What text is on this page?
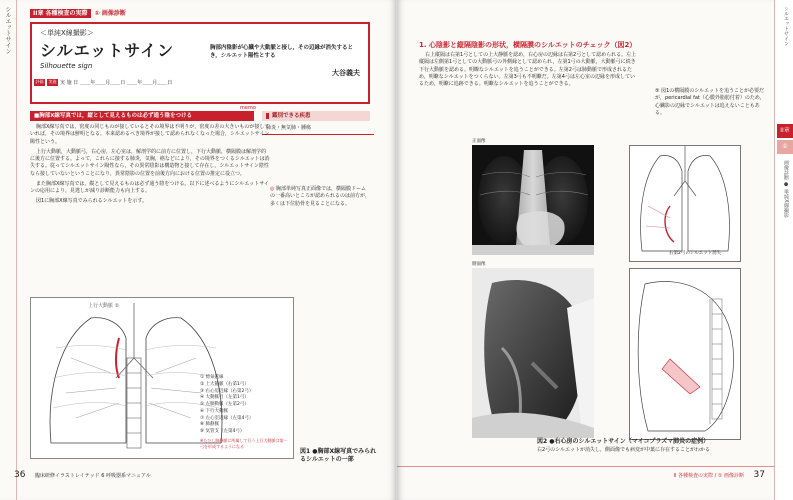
シルエットサイン	II章 各種検査の実際 ① 画像診断
＜単純X線撮影＞
シルエットサイン
Silhouette sign
評価	実施 実 施 日 ＿＿年＿＿月＿＿日 ＿＿年＿＿月＿＿日
胸部内陰影が心臓や大動脈と接し，その辺縁が消失するとき，シルエット陽性とする
大谷義夫
memo
■胸部X線写真では，縦として見えるものは必ず通う陰をつける	鑑別できる疾患
肺炎・無気肺・腫瘍

胸部X線写真では，密度の同じものが接しているとその境界は不明りが，密度の差の大きいものが接していれば，その境界は鮮明となる。本来認めるべき境界が接して認められなくなった場合，シルエットサイン陽性という。

上行大動脈，大動脈弓，右心房，左心室は，解剖学的に前方に位置し，下行大動脈，横隔膜は解剖学的に後方に位置する。よって，これらに接する肺炎，気胸，癌などにより，その境界をつくるシルエットは消失する。従ってシルエットサイン陽性なら，その異常陰影は構造物と接して存在し，シルエットサイン陰性なら接していないということになり，異常陰影の位置を前後方向における位置の推定に役立つ。

また胸部X線写真では，縦として見えるものは必ず通う陰をつける。以下に述べるようにシルエットサインの応用により，見逃しが減り診断能力も向上する。

図1に胸部X線写真でみられるシルエットを示す。

◎ 胸部単純写真正面像では，横隔膜ドームの一番高いところが認められるのは前方が，多くは下位肋骨を見ることになる。
上行大動脈 ②
① 傍気管線
② 上大静脈（右第1弓）
③ 右心房辺縁（右第2弓）
④ 大動脈弓（左第1弓）
⑤ 左肺動脈（左第2弓）
⑥ 下行大動脈
⑦ 左心室辺縁（左第4弓）
⑧ 肺静脈
⑨ 気管支（左第4弓）
※ただし肺静脈に所属して行う上行大動脈は第一弓を形成するようになる
図1 ●胸部X線写真でみられるシルエットの一部
36 臨床研修イラストレイテッド 6 呼吸器系マニュアル
1. 心陰影と縦隔陰影の形状，横隔膜のシルエットのチェック（図2）

右上縦隔は右第1弓としての上大静脈を認め，右心房の辺縁は右第2弓として認められる。左上縦隔は左側第1弓としての大動脈弓の外側縁として認められ，左第1弓の大動脈，大動脈弓に続き下行大動脈を認める。明瞭なシルエットを追うことができる。左第2弓は肺動脈で形成されるため，明瞭なシルエットをつくらない。左第3弓も不明瞭だ。左第4弓は左心室の辺縁を形成しているため，明瞭に追跡できる。明瞭なシルエットを追うことができる。

⑤ 図1の横隔膜のシルエットを追うことが必要だが，pericardial fat（心膜外脂肪付着）のため，心臓影の辺縁でシルエットは追えないこともある。
正面像
右第2弓のシルエット消失
側面像
図2 ●右心房のシルエットサイン（マイコプラズマ肺炎の症例）
右2弓のシルエットが消失し，側面像でも病変が中葉に存在することがわかる
II 各種検査の実際 / ① 画像診断 37
シルエットサイン
II章
①
画像診断 ● 単純X線撮影
